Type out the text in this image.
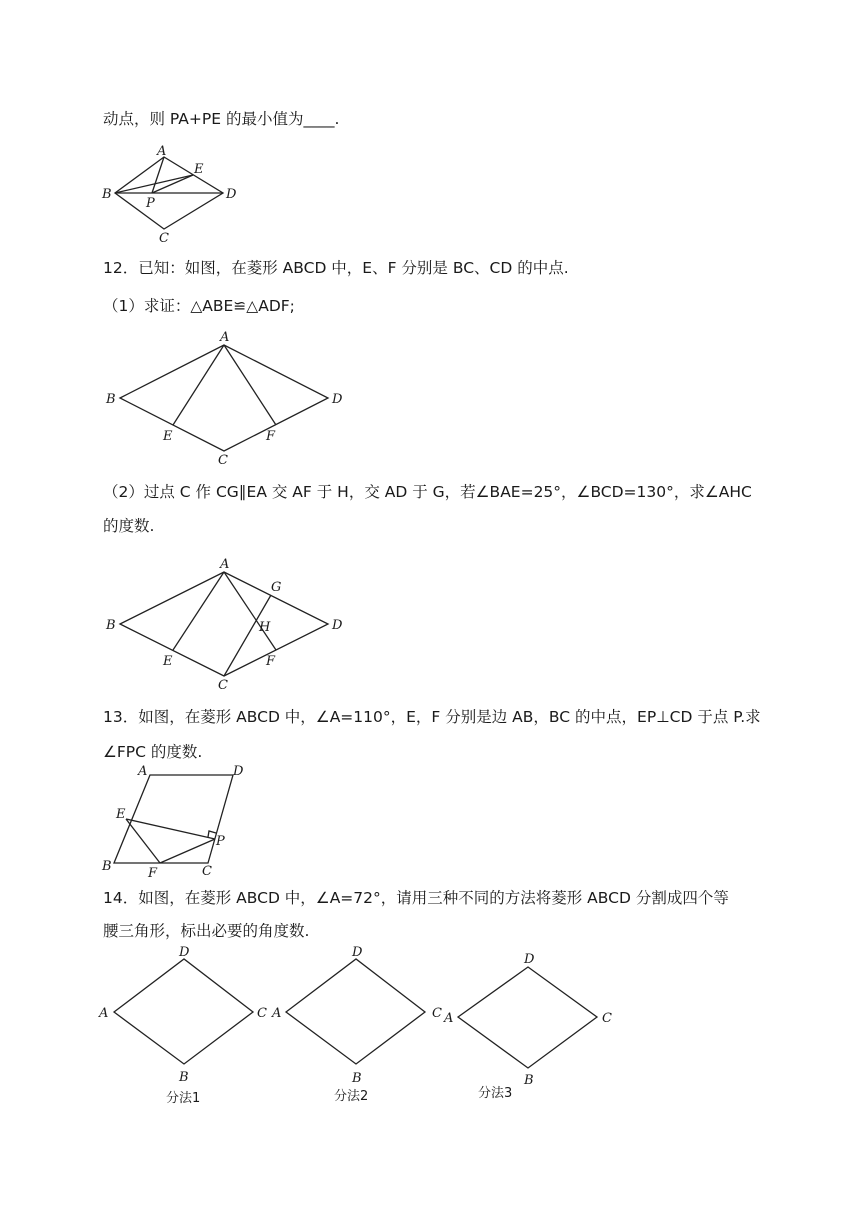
动点，则 PA+PE 的最小值为____.
A
B
C
D
E
P
12．已知：如图，在菱形 ABCD 中，E、F 分别是 BC、CD 的中点.
（1）求证：△ABE≌△ADF;
A
B
C
D
E	F
（2）过点 C 作 CG∥EA 交 AF 于 H，交 AD 于 G，若∠BAE=25°，∠BCD=130°，求∠AHC
的度数.
A
B
C
D
E	F
G
H
13．如图，在菱形 ABCD 中，∠A=110°，E，F 分别是边 AB，BC 的中点，EP⊥CD 于点 P.求
∠FPC 的度数.
A	D
E
P
B	F	C
14．如图，在菱形 ABCD 中，∠A=72°，请用三种不同的方法将菱形 ABCD 分割成四个等
腰三角形，标出必要的角度数.
D
A	C
B
分法1
D
A	C
B
分法2
D
A	C
B
分法3
